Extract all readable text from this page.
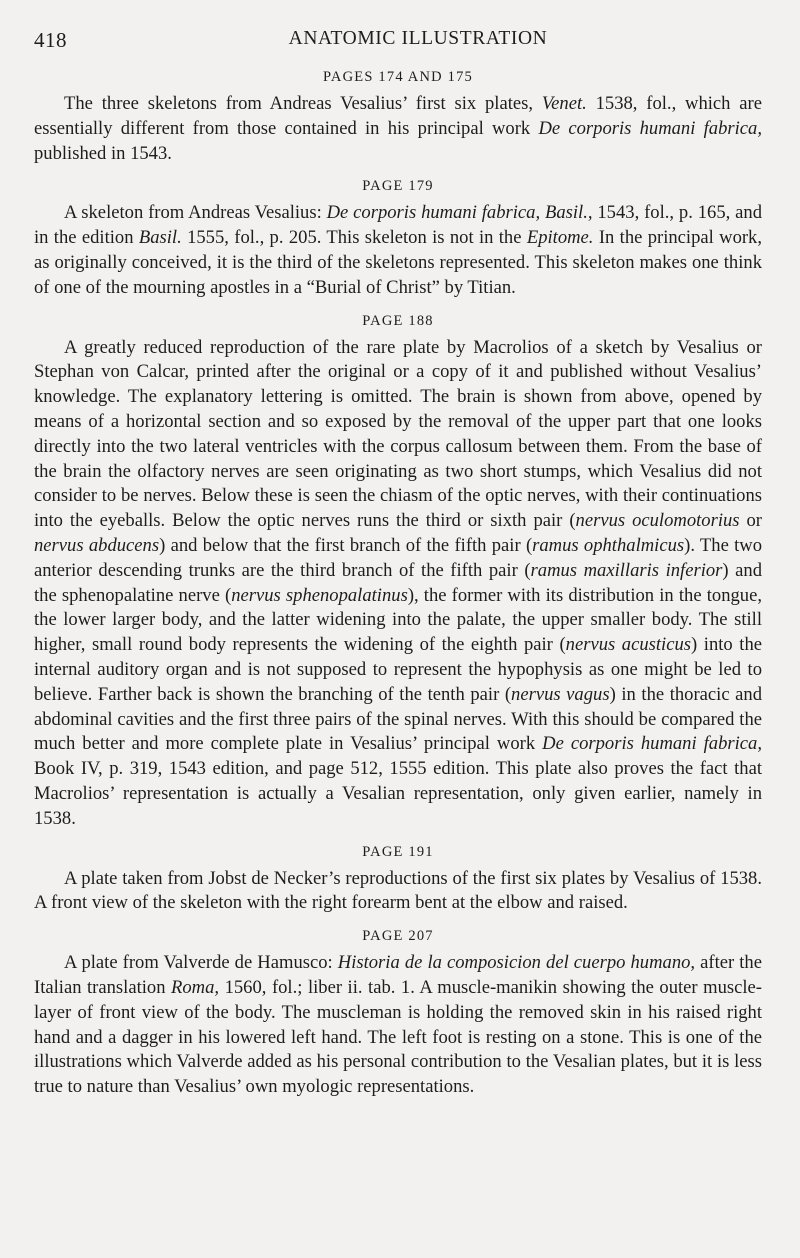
418	ANATOMIC ILLUSTRATION
PAGES 174 AND 175

The three skeletons from Andreas Vesalius’ first six plates, Venet. 1538, fol., which are essentially different from those contained in his principal work De corporis humani fabrica, published in 1543.

PAGE 179

A skeleton from Andreas Vesalius: De corporis humani fabrica, Basil., 1543, fol., p. 165, and in the edition Basil. 1555, fol., p. 205. This skeleton is not in the Epitome. In the principal work, as originally conceived, it is the third of the skeletons represented. This skeleton makes one think of one of the mourning apostles in a “Burial of Christ” by Titian.

PAGE 188

A greatly reduced reproduction of the rare plate by Macrolios of a sketch by Vesalius or Stephan von Calcar, printed after the original or a copy of it and published without Vesalius’ knowledge. The explanatory lettering is omitted. The brain is shown from above, opened by means of a horizontal section and so exposed by the removal of the upper part that one looks directly into the two lateral ventricles with the corpus callosum between them. From the base of the brain the olfactory nerves are seen originating as two short stumps, which Vesalius did not consider to be nerves. Below these is seen the chiasm of the optic nerves, with their continuations into the eyeballs. Below the optic nerves runs the third or sixth pair (nervus oculomotorius or nervus abducens) and below that the first branch of the fifth pair (ramus ophthalmicus). The two anterior descending trunks are the third branch of the fifth pair (ramus maxillaris inferior) and the sphenopalatine nerve (nervus sphenopalatinus), the former with its distribution in the tongue, the lower larger body, and the latter widening into the palate, the upper smaller body. The still higher, small round body represents the widening of the eighth pair (nervus acusticus) into the internal auditory organ and is not supposed to represent the hypophysis as one might be led to believe. Farther back is shown the branching of the tenth pair (nervus vagus) in the thoracic and abdominal cavities and the first three pairs of the spinal nerves. With this should be compared the much better and more complete plate in Vesalius’ principal work De corporis humani fabrica, Book IV, p. 319, 1543 edition, and page 512, 1555 edition. This plate also proves the fact that Macrolios’ representation is actually a Vesalian representation, only given earlier, namely in 1538.

PAGE 191

A plate taken from Jobst de Necker’s reproductions of the first six plates by Vesalius of 1538. A front view of the skeleton with the right forearm bent at the elbow and raised.

PAGE 207

A plate from Valverde de Hamusco: Historia de la composicion del cuerpo humano, after the Italian translation Roma, 1560, fol.; liber ii. tab. 1. A muscle-manikin showing the outer muscle-layer of front view of the body. The muscleman is holding the removed skin in his raised right hand and a dagger in his lowered left hand. The left foot is resting on a stone. This is one of the illustrations which Valverde added as his personal contribution to the Vesalian plates, but it is less true to nature than Vesalius’ own myologic representations.
